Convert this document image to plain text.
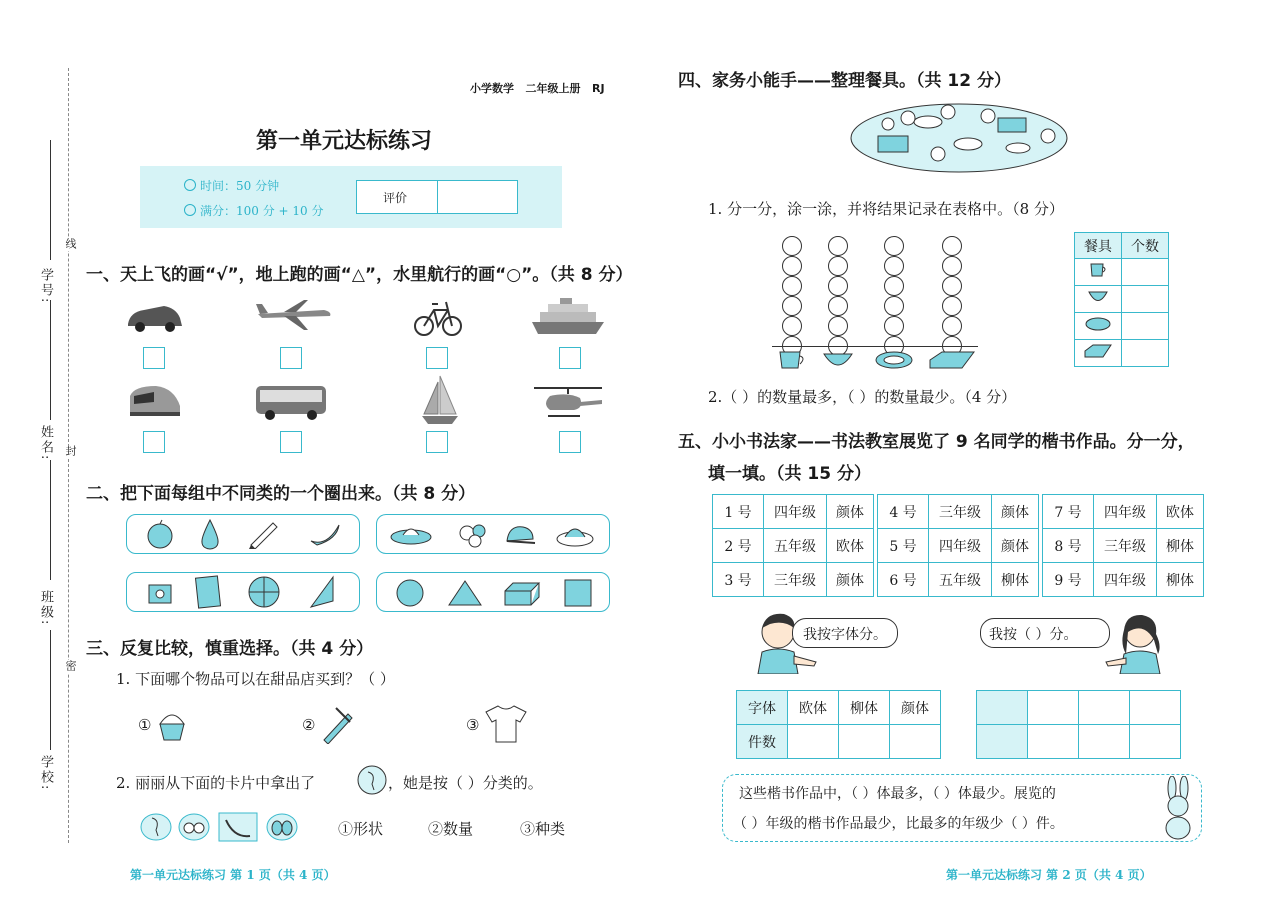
学号:
姓名:
班级:
学校:
线
封
密
小学数学 二年级上册 RJ
第一单元达标练习
时间：50 分钟
满分：100 分 + 10 分
评价
一、天上飞的画“√”，地上跑的画“△”，水里航行的画“○”。（共 8 分）
二、把下面每组中不同类的一个圈出来。（共 8 分）
三、反复比较，慎重选择。（共 4 分）
1. 下面哪个物品可以在甜品店买到？（ ）
①	②	③
2. 丽丽从下面的卡片中拿出了	，她是按（ ）分类的。
①形状	②数量	③种类
第一单元达标练习 第 1 页（共 4 页）
四、家务小能手——整理餐具。（共 12 分）
1. 分一分，涂一涂，并将结果记录在表格中。（8 分）
餐具	个数

2.（ ）的数量最多，（ ）的数量最少。（4 分）
五、小小书法家——书法教室展览了 9 名同学的楷书作品。分一分，
填一填。（共 15 分）
1 号	四年级	颜体
2 号	五年级	欧体
3 号	三年级	颜体
4 号	三年级	颜体
5 号	四年级	颜体
6 号	五年级	柳体
7 号	四年级	欧体
8 号	三年级	柳体
9 号	四年级	柳体
我按字体分。	我按（ ）分。
字体	欧体	柳体	颜体
件数			

这些楷书作品中，（ ）体最多，（ ）体最少。展览的
（ ）年级的楷书作品最少，比最多的年级少（ ）件。
第一单元达标练习 第 2 页（共 4 页）
